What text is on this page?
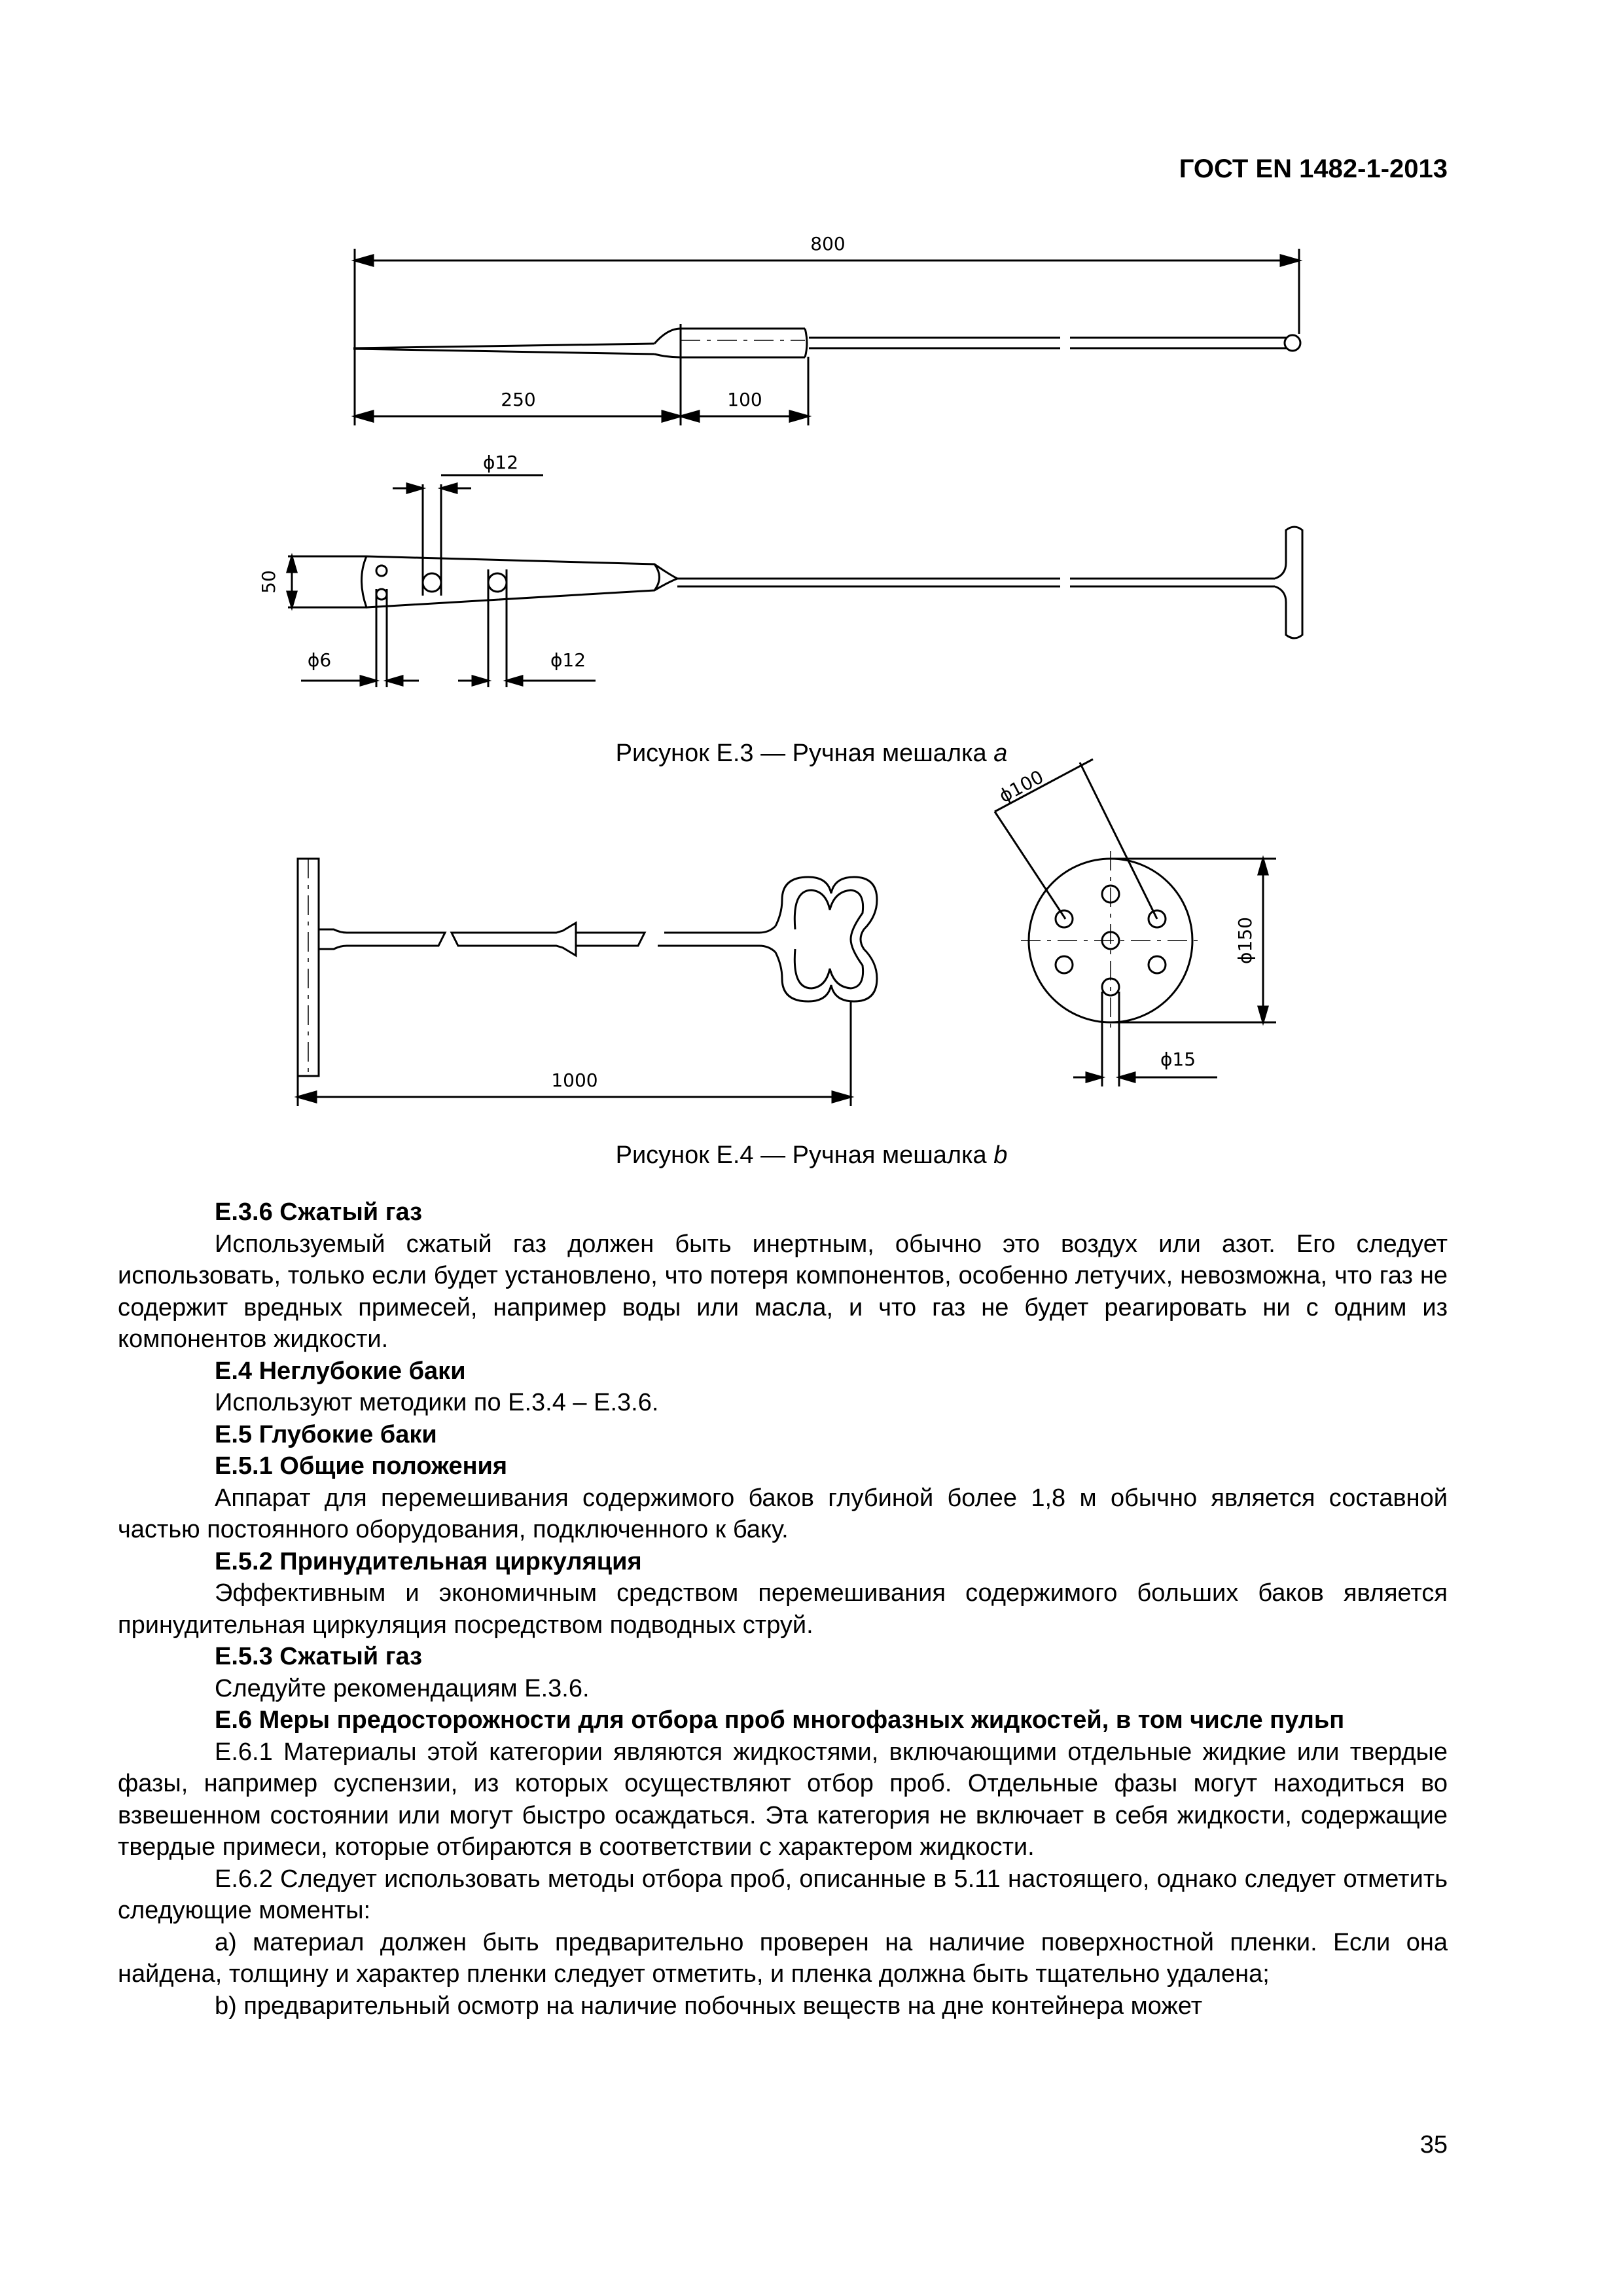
ГОСТ EN 1482-1-2013
800
250	100
ϕ12
50
ϕ6	ϕ12
Рисунок Е.3 — Ручная мешалка a
1000
ϕ100
ϕ150
ϕ15
Рисунок Е.4 — Ручная мешалка b

Е.3.6 Сжатый газ

Используемый сжатый газ должен быть инертным, обычно это воздух или азот. Его следует использовать, только если будет установлено, что потеря компонентов, особенно летучих, невозможна, что газ не содержит вредных примесей, например воды или масла, и что газ не будет реагировать ни с одним из компонентов жидкости.

Е.4 Неглубокие баки

Используют методики по Е.3.4 – Е.3.6.

Е.5 Глубокие баки

Е.5.1 Общие положения

Аппарат для перемешивания содержимого баков глубиной более 1,8 м обычно является составной частью постоянного оборудования, подключенного к баку.

Е.5.2 Принудительная циркуляция

Эффективным и экономичным средством перемешивания содержимого больших баков является принудительная циркуляция посредством подводных струй.

Е.5.3 Сжатый газ

Следуйте рекомендациям Е.3.6.

Е.6 Меры предосторожности для отбора проб многофазных жидкостей, в том числе пульп

Е.6.1 Материалы этой категории являются жидкостями, включающими отдельные жидкие или твердые фазы, например суспензии, из которых осуществляют отбор проб. Отдельные фазы могут находиться во взвешенном состоянии или могут быстро осаждаться. Эта категория не включает в себя жидкости, содержащие твердые примеси, которые отбираются в соответствии с характером жидкости.

Е.6.2 Следует использовать методы отбора проб, описанные в 5.11 настоящего, однако следует отметить следующие моменты:

а) материал должен быть предварительно проверен на наличие поверхностной пленки. Если она найдена, толщину и характер пленки следует отметить, и пленка должна быть тщательно удалена;

b) предварительный осмотр на наличие побочных веществ на дне контейнера может

35
